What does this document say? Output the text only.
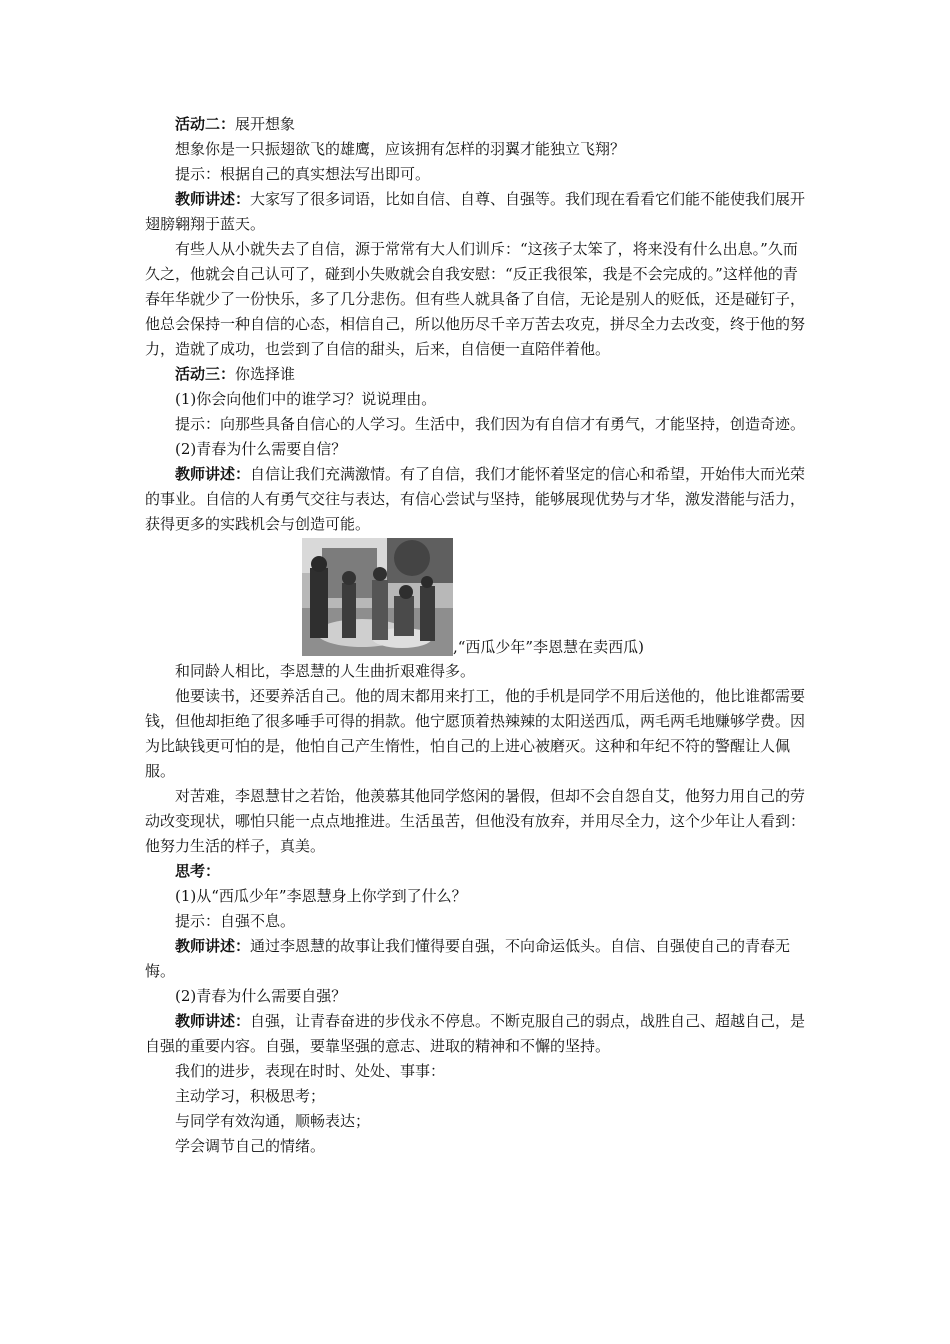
活动二：展开想象

想象你是一只振翅欲飞的雄鹰，应该拥有怎样的羽翼才能独立飞翔？

提示：根据自己的真实想法写出即可。

教师讲述：大家写了很多词语，比如自信、自尊、自强等。我们现在看看它们能不能使我们展开翅膀翱翔于蓝天。

有些人从小就失去了自信，源于常常有大人们训斥：“这孩子太笨了，将来没有什么出息。”久而久之，他就会自己认可了，碰到小失败就会自我安慰：“反正我很笨，我是不会完成的。”这样他的青春年华就少了一份快乐，多了几分悲伤。但有些人就具备了自信，无论是别人的贬低，还是碰钉子，他总会保持一种自信的心态，相信自己，所以他历尽千辛万苦去攻克，拼尽全力去改变，终于他的努力，造就了成功，也尝到了自信的甜头，后来，自信便一直陪伴着他。

活动三：你选择谁

(1)你会向他们中的谁学习？说说理由。

提示：向那些具备自信心的人学习。生活中，我们因为有自信才有勇气，才能坚持，创造奇迹。

(2)青春为什么需要自信？

教师讲述：自信让我们充满激情。有了自信，我们才能怀着坚定的信心和希望，开始伟大而光荣的事业。自信的人有勇气交往与表达，有信心尝试与坚持，能够展现优势与才华，激发潜能与活力，获得更多的实践机会与创造可能。

,“西瓜少年”李恩慧在卖西瓜)

和同龄人相比，李恩慧的人生曲折艰难得多。

他要读书，还要养活自己。他的周末都用来打工，他的手机是同学不用后送他的，他比谁都需要钱，但他却拒绝了很多唾手可得的捐款。他宁愿顶着热辣辣的太阳送西瓜，两毛两毛地赚够学费。因为比缺钱更可怕的是，他怕自己产生惰性，怕自己的上进心被磨灭。这种和年纪不符的警醒让人佩服。

对苦难，李恩慧甘之若饴，他羡慕其他同学悠闲的暑假，但却不会自怨自艾，他努力用自己的劳动改变现状，哪怕只能一点点地推进。生活虽苦，但他没有放弃，并用尽全力，这个少年让人看到：他努力生活的样子，真美。

思考：

(1)从“西瓜少年”李恩慧身上你学到了什么？

提示：自强不息。

教师讲述：通过李恩慧的故事让我们懂得要自强，不向命运低头。自信、自强使自己的青春无悔。

(2)青春为什么需要自强？

教师讲述：自强，让青春奋进的步伐永不停息。不断克服自己的弱点，战胜自己、超越自己，是自强的重要内容。自强，要靠坚强的意志、进取的精神和不懈的坚持。

我们的进步，表现在时时、处处、事事：

主动学习，积极思考；

与同学有效沟通，顺畅表达；

学会调节自己的情绪。
